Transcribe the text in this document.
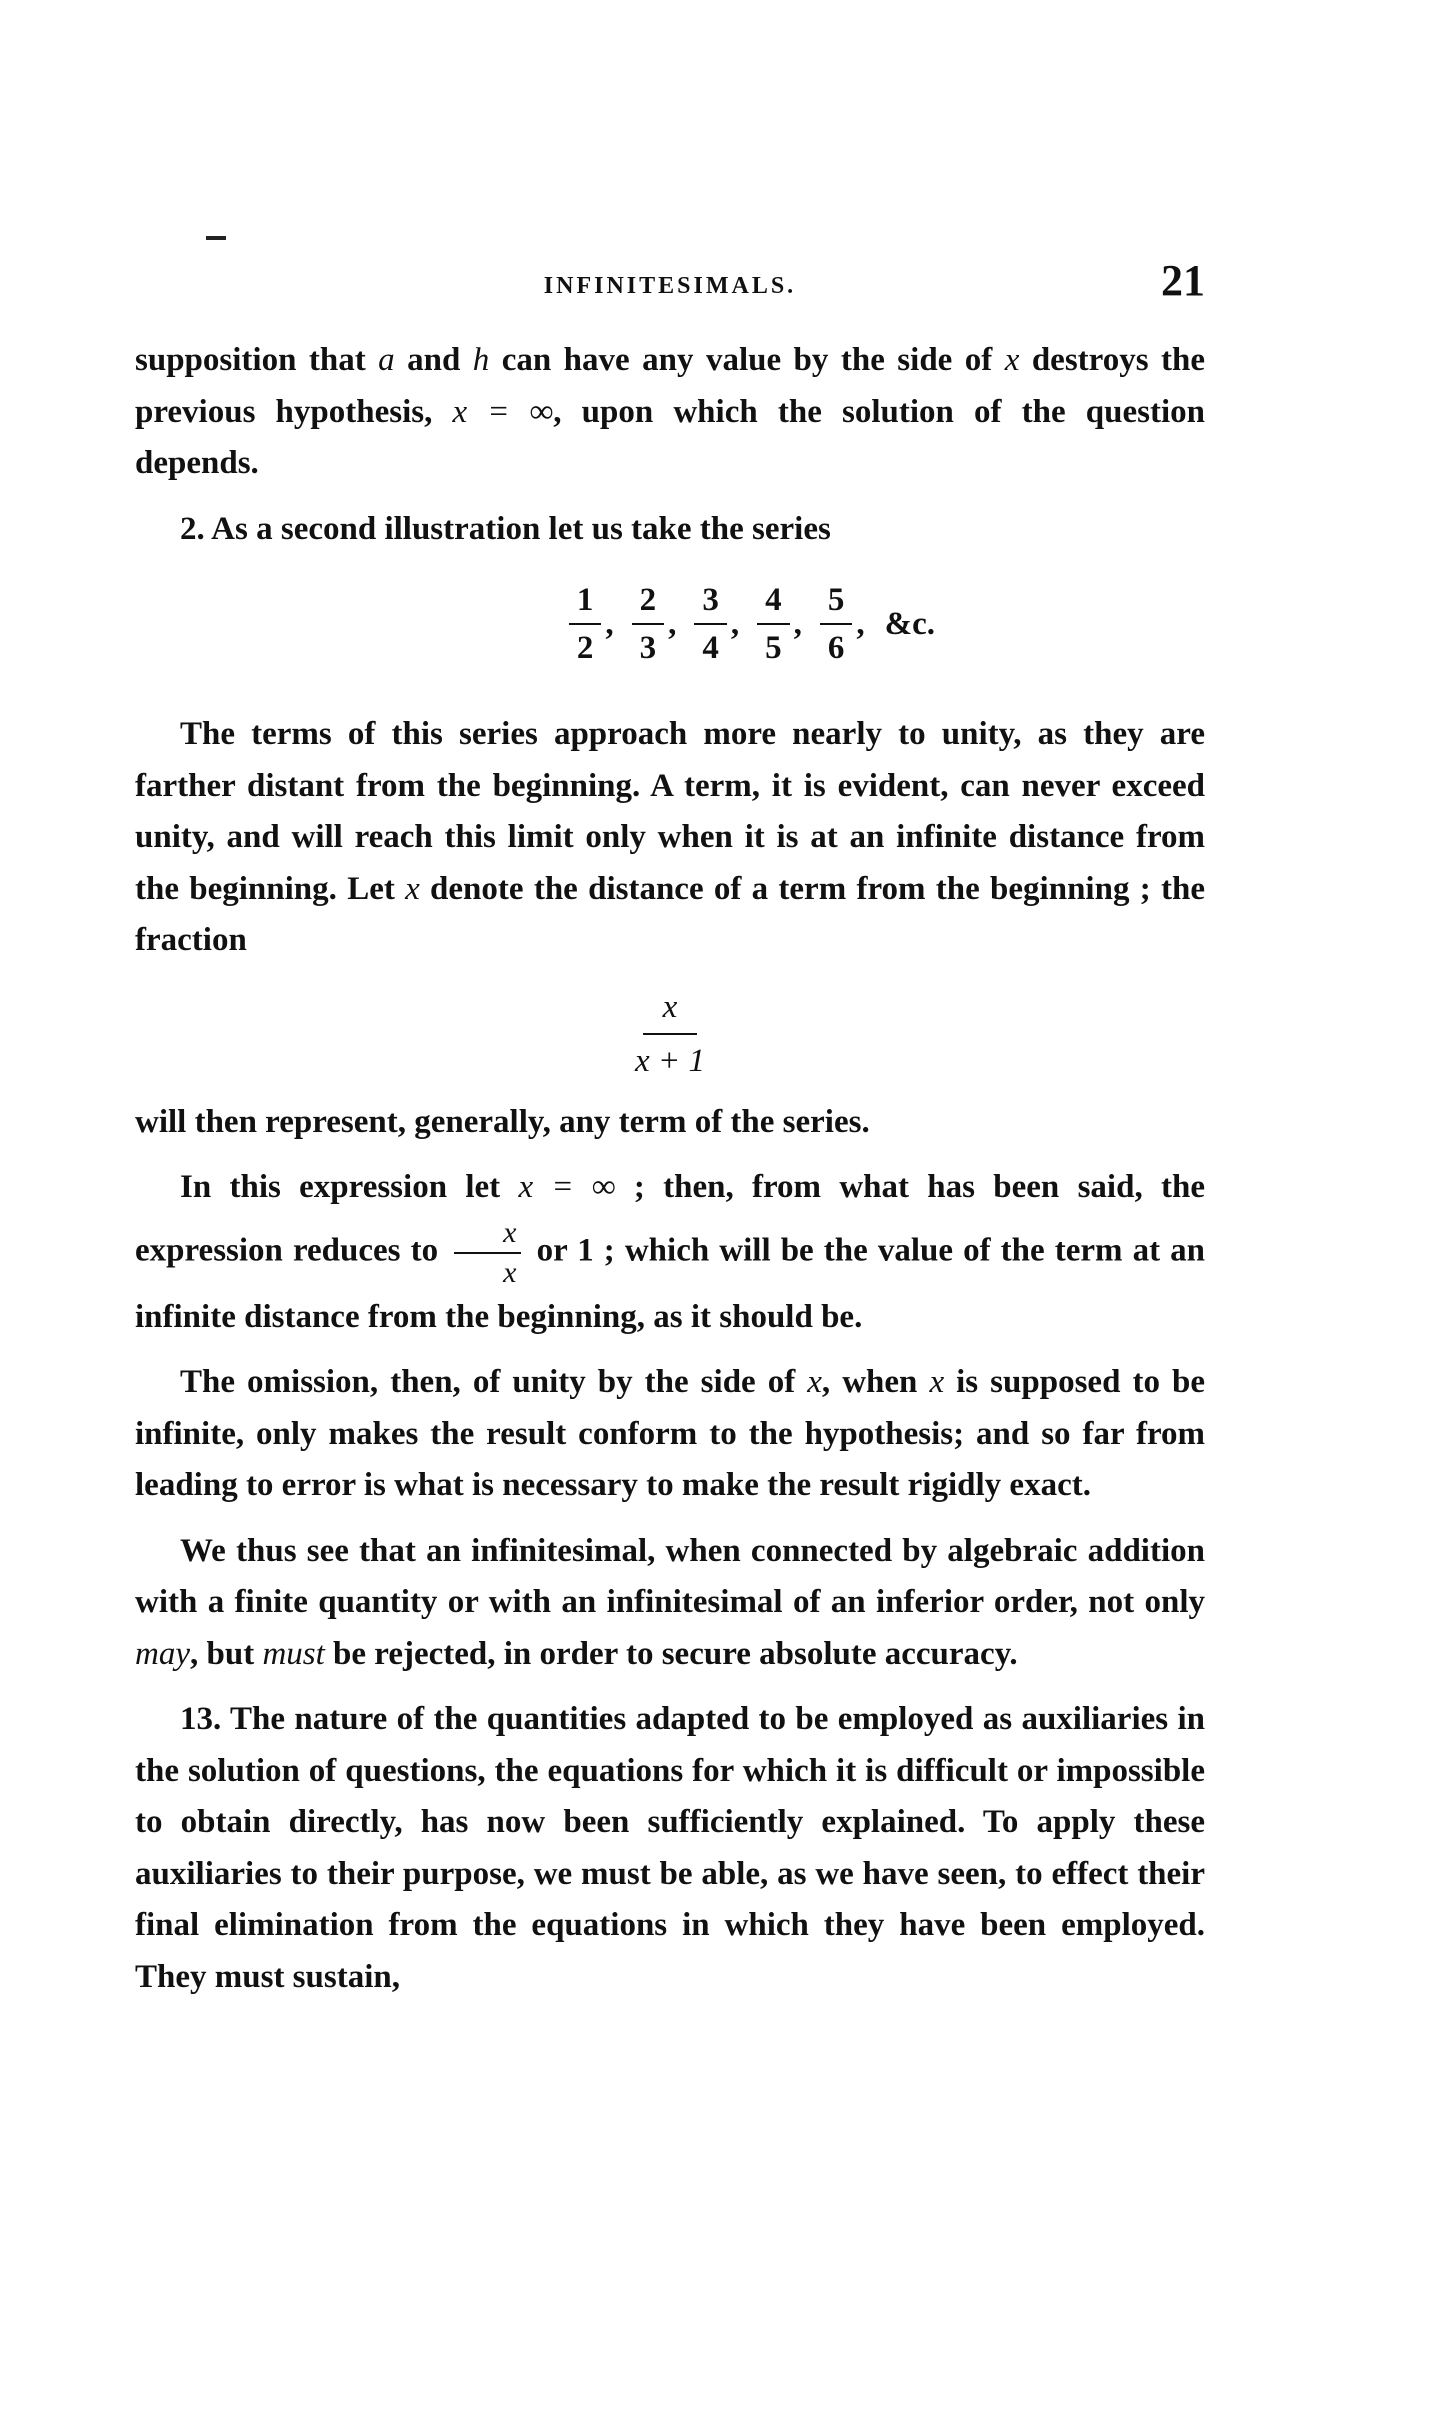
INFINITESIMALS.	21

supposition that a and h can have any value by the side of x destroys the previous hypothesis, x = ∞, upon which the solution of the question depends.

2. As a second illustration let us take the series

$\frac{1}{2}$ , $\frac{2}{3}$ , $\frac{3}{4}$ , $\frac{4}{5}$ , $\frac{5}{6}$ , &c.

The terms of this series approach more nearly to unity, as they are farther distant from the beginning. A term, it is evident, can never exceed unity, and will reach this limit only when it is at an infinite distance from the beginning. Let x denote the distance of a term from the beginning ; the fraction

$\frac{x}{x + 1}$

will then represent, generally, any term of the series.

In this expression let x = ∞ ; then, from what has been said, the expression reduces to $\frac{x}{x}$ or 1 ; which will be the value of the term at an infinite distance from the beginning, as it should be.

The omission, then, of unity by the side of x, when x is supposed to be infinite, only makes the result conform to the hypothesis; and so far from leading to error is what is necessary to make the result rigidly exact.

We thus see that an infinitesimal, when connected by algebraic addition with a finite quantity or with an infinitesimal of an inferior order, not only may, but must be rejected, in order to secure absolute accuracy.

13. The nature of the quantities adapted to be employed as auxiliaries in the solution of questions, the equations for which it is difficult or impossible to obtain directly, has now been sufficiently explained. To apply these auxiliaries to their purpose, we must be able, as we have seen, to effect their final elimination from the equations in which they have been employed. They must sustain,
